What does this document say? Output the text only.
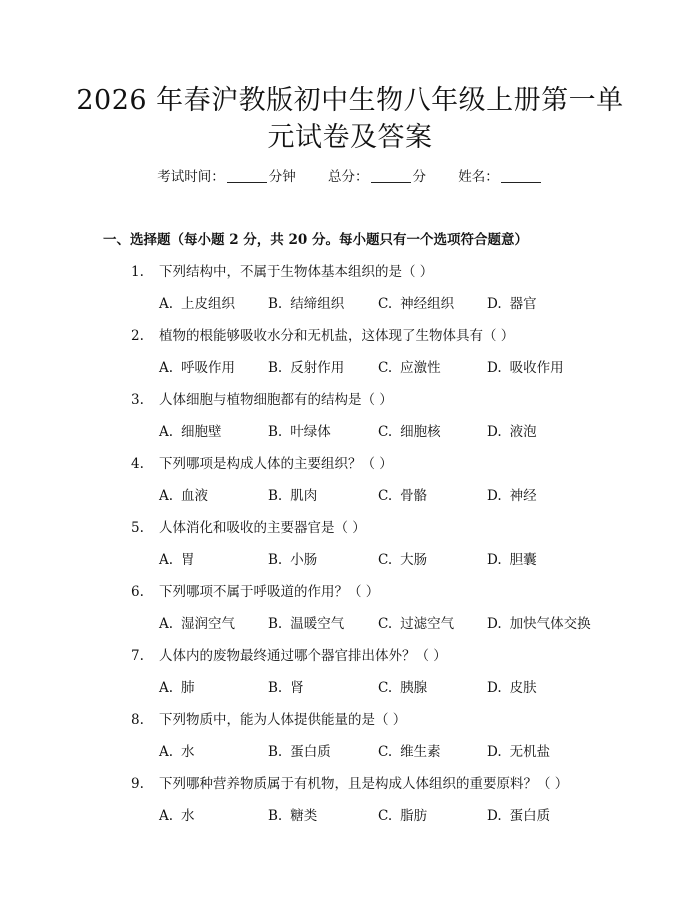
2026 年春沪教版初中生物八年级上册第一单
元试卷及答案
考试时间：	分钟 总分：	分 姓名：
一、选择题（每小题 2 分，共 20 分。每小题只有一个选项符合题意）
1. 下列结构中，不属于生物体基本组织的是（ ）
A. 上皮组织 B. 结缔组织	C. 神经组织 D. 器官
2. 植物的根能够吸收水分和无机盐，这体现了生物体具有（ ）
A. 呼吸作用 B. 反射作用	C. 应激性	D. 吸收作用
3. 人体细胞与植物细胞都有的结构是（ ）
A. 细胞壁	B. 叶绿体	C. 细胞核	D. 液泡
4. 下列哪项是构成人体的主要组织？（ ）
A. 血液	B. 肌肉	C. 骨骼	D. 神经
5. 人体消化和吸收的主要器官是（ ）
A. 胃	B. 小肠	C. 大肠	D. 胆囊
6. 下列哪项不属于呼吸道的作用？（ ）
A. 湿润空气 B. 温暖空气	C. 过滤空气 D. 加快气体交换
7. 人体内的废物最终通过哪个器官排出体外？（ ）
A. 肺	B. 肾	C. 胰腺	D. 皮肤
8. 下列物质中，能为人体提供能量的是（ ）
A. 水	B. 蛋白质	C. 维生素	D. 无机盐
9. 下列哪种营养物质属于有机物，且是构成人体组织的重要原料？（ ）
A. 水	B. 糖类	C. 脂肪	D. 蛋白质
